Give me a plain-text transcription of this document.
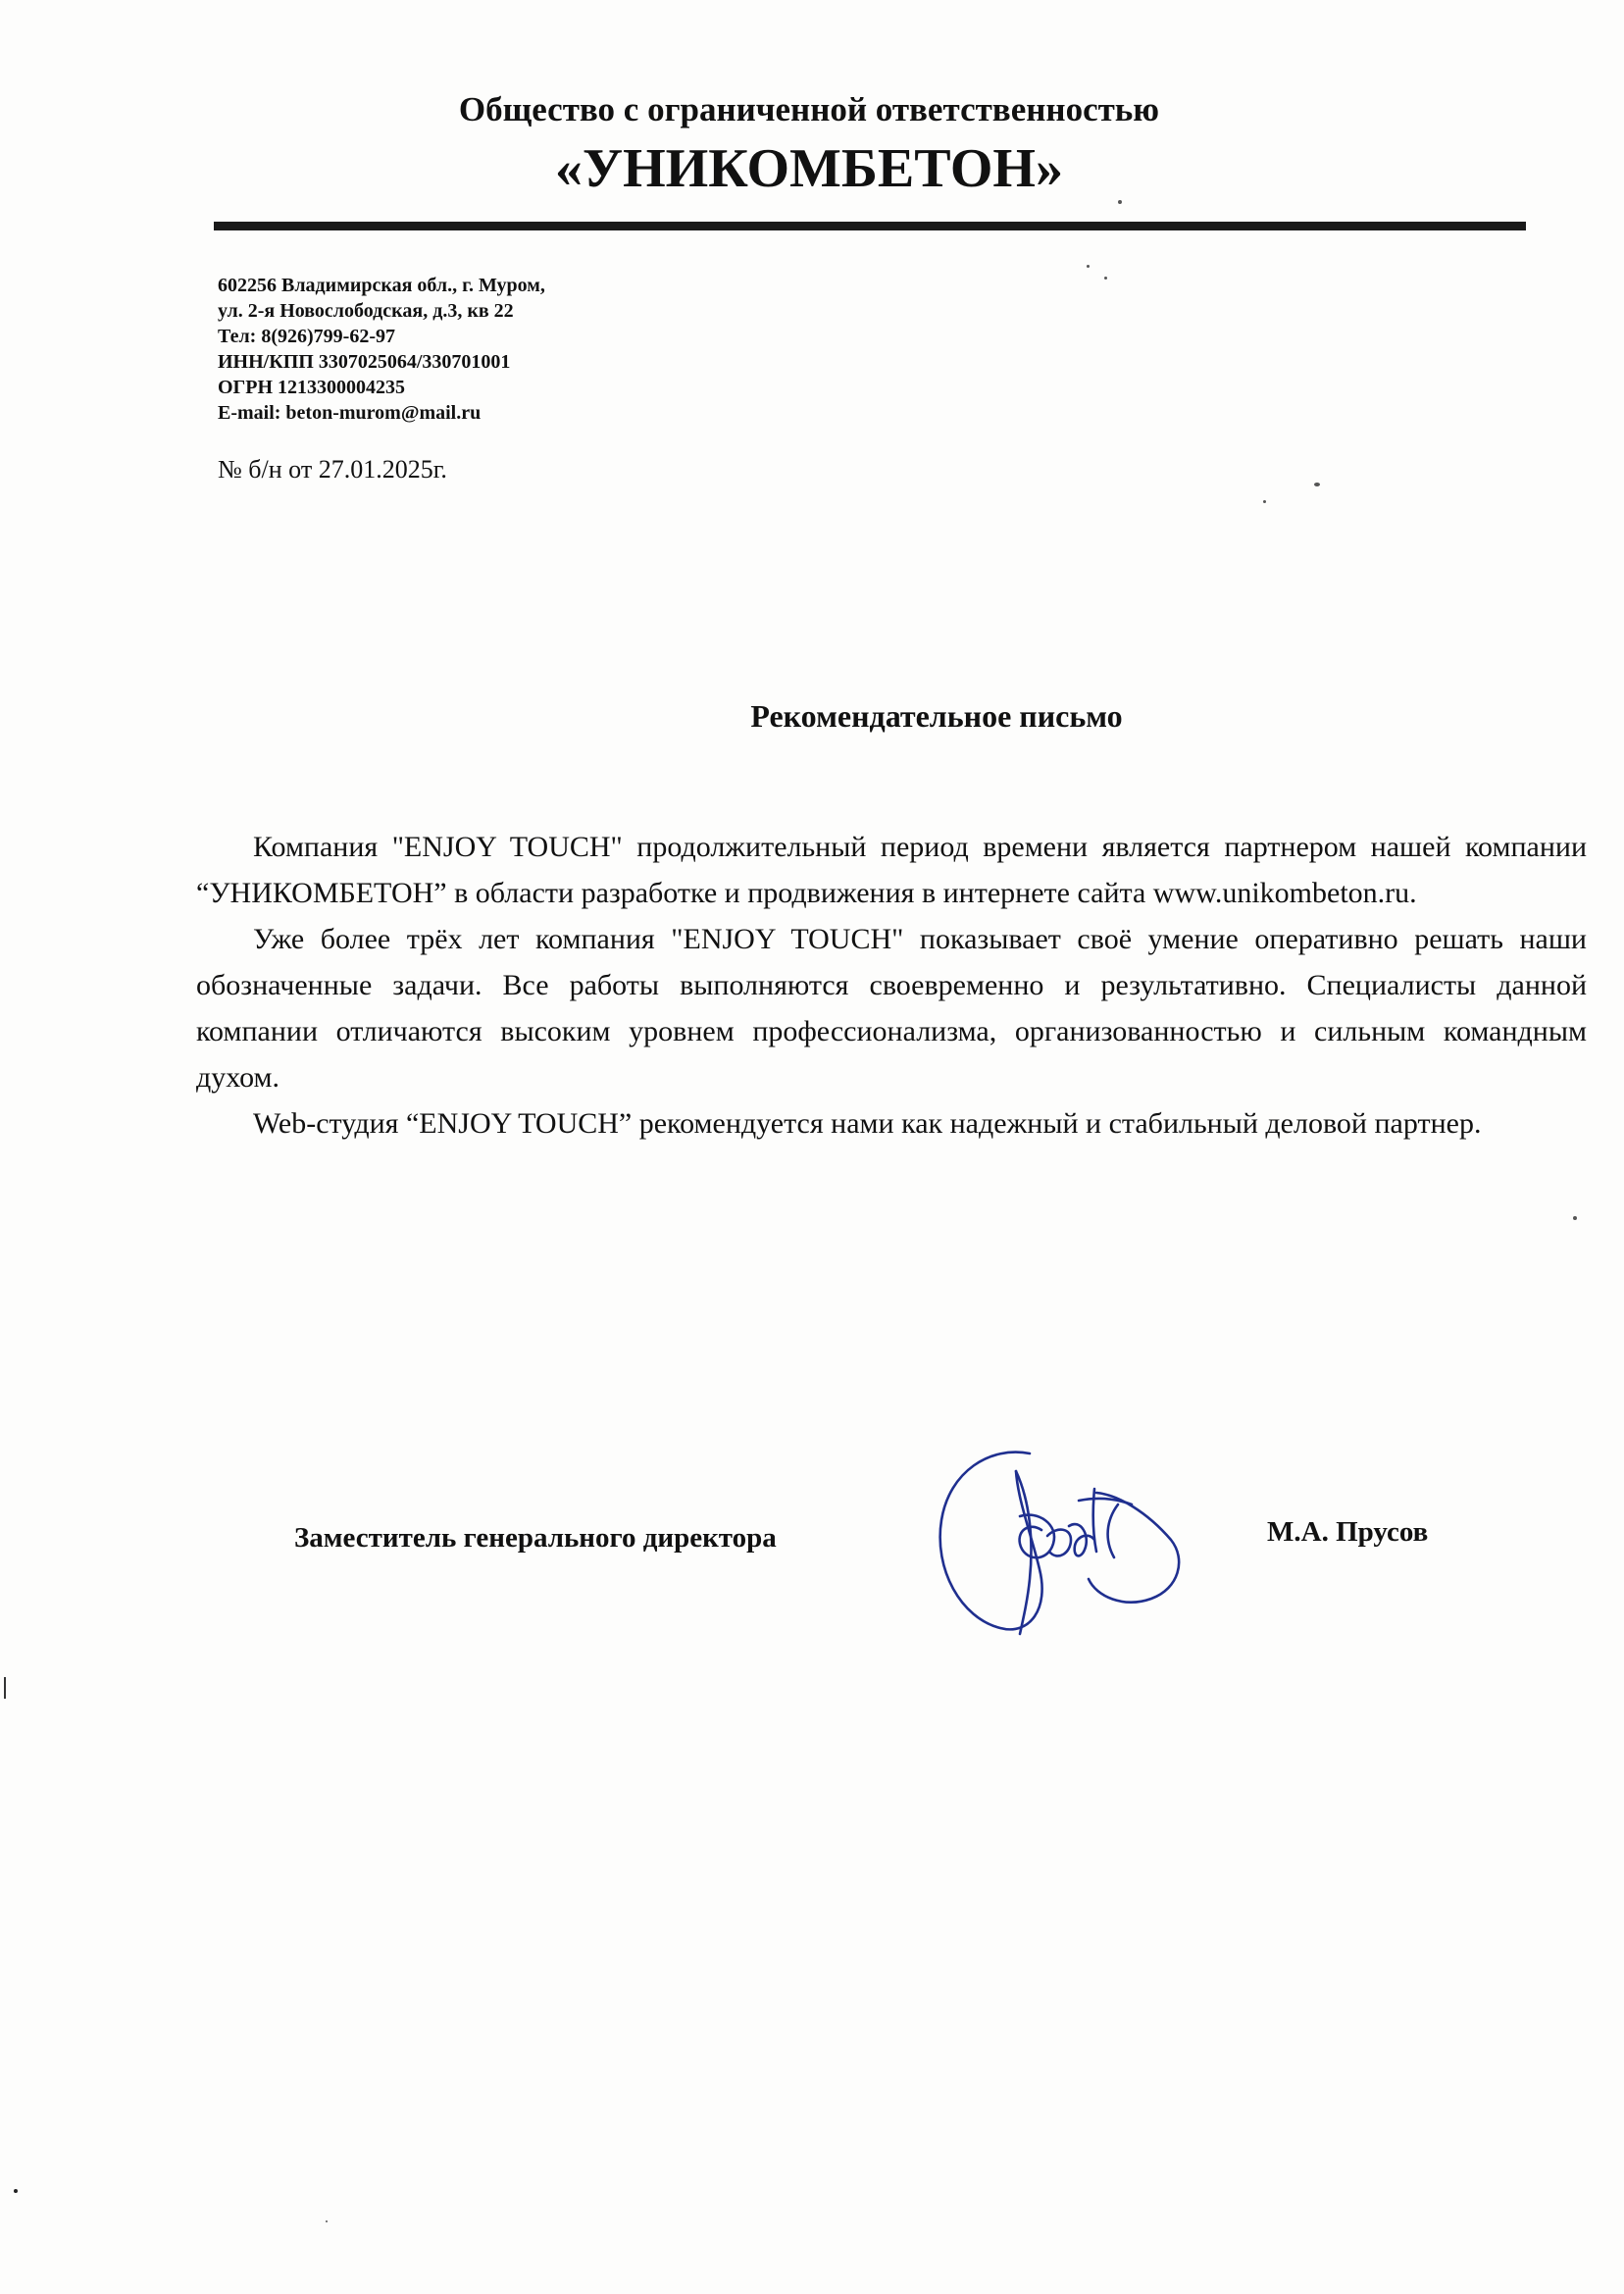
Общество с ограниченной ответственностью
«УНИКОМБЕТОН»
602256 Владимирская обл., г. Муром,
ул. 2-я Новослободская, д.3, кв 22
Тел: 8(926)799-62-97
ИНН/КПП 3307025064/330701001
ОГРН 1213300004235
E-mail: beton-murom@mail.ru
№ б/н от 27.01.2025г.
Рекомендательное письмо

Компания "ENJOY TOUCH" продолжительный период времени является партнером нашей компании “УНИКОМБЕТОН” в области разработке и продвижения в интернете сайта www.unikombeton.ru.

Уже более трёх лет компания "ENJOY TOUCH" показывает своё умение оперативно решать наши обозначенные задачи. Все работы выполняются своевременно и результативно. Специалисты данной компании отличаются высоким уровнем профессионализма, организованностью и сильным командным духом.

Web-студия “ENJOY TOUCH” рекомендуется нами как надежный и стабильный деловой партнер.

Заместитель генерального директора	М.А. Прусов
